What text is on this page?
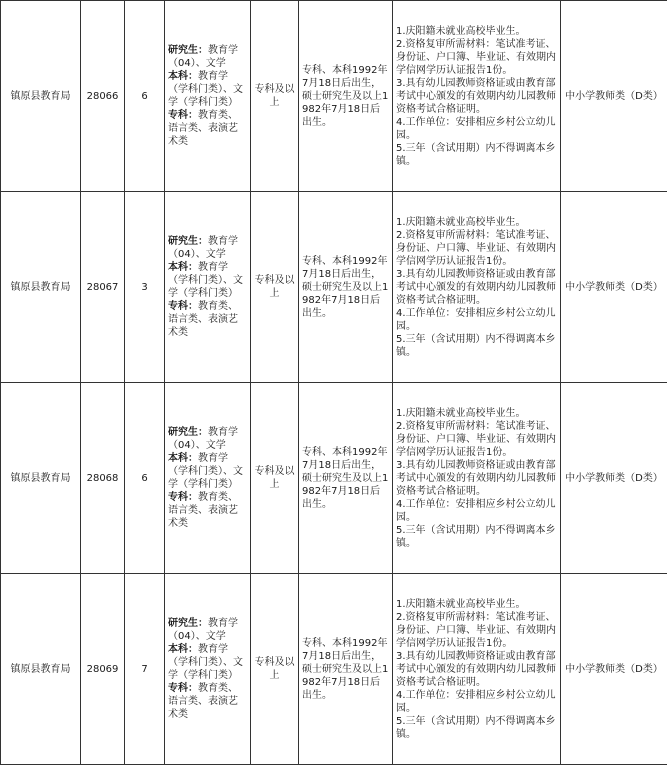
镇原县教育局	28066	6	研究生：教育学（04）、文学
本科：教育学（学科门类）、文学（学科门类）
专科：教育类、语言类、表演艺术类	专科及以上	专科、本科1992年7月18日后出生，硕士研究生及以上1982年7月18日后出生。	1.庆阳籍未就业高校毕业生。
2.资格复审所需材料：笔试准考证、身份证、户口簿、毕业证、有效期内学信网学历认证报告1份。
3.具有幼儿园教师资格证或由教育部考试中心颁发的有效期内幼儿园教师资格考试合格证明。
4.工作单位：安排相应乡村公立幼儿园。
5.三年（含试用期）内不得调离本乡镇。	中小学教师类（D类）
镇原县教育局	28067	3	研究生：教育学（04）、文学
本科：教育学（学科门类）、文学（学科门类）
专科：教育类、语言类、表演艺术类	专科及以上	专科、本科1992年7月18日后出生，硕士研究生及以上1982年7月18日后出生。	1.庆阳籍未就业高校毕业生。
2.资格复审所需材料：笔试准考证、身份证、户口簿、毕业证、有效期内学信网学历认证报告1份。
3.具有幼儿园教师资格证或由教育部考试中心颁发的有效期内幼儿园教师资格考试合格证明。
4.工作单位：安排相应乡村公立幼儿园。
5.三年（含试用期）内不得调离本乡镇。	中小学教师类（D类）
镇原县教育局	28068	6	研究生：教育学（04）、文学
本科：教育学（学科门类）、文学（学科门类）
专科：教育类、语言类、表演艺术类	专科及以上	专科、本科1992年7月18日后出生，硕士研究生及以上1982年7月18日后出生。	1.庆阳籍未就业高校毕业生。
2.资格复审所需材料：笔试准考证、身份证、户口簿、毕业证、有效期内学信网学历认证报告1份。
3.具有幼儿园教师资格证或由教育部考试中心颁发的有效期内幼儿园教师资格考试合格证明。
4.工作单位：安排相应乡村公立幼儿园。
5.三年（含试用期）内不得调离本乡镇。	中小学教师类（D类）
镇原县教育局	28069	7	研究生：教育学（04）、文学
本科：教育学（学科门类）、文学（学科门类）
专科：教育类、语言类、表演艺术类	专科及以上	专科、本科1992年7月18日后出生，硕士研究生及以上1982年7月18日后出生。	1.庆阳籍未就业高校毕业生。
2.资格复审所需材料：笔试准考证、身份证、户口簿、毕业证、有效期内学信网学历认证报告1份。
3.具有幼儿园教师资格证或由教育部考试中心颁发的有效期内幼儿园教师资格考试合格证明。
4.工作单位：安排相应乡村公立幼儿园。
5.三年（含试用期）内不得调离本乡镇。	中小学教师类（D类）
